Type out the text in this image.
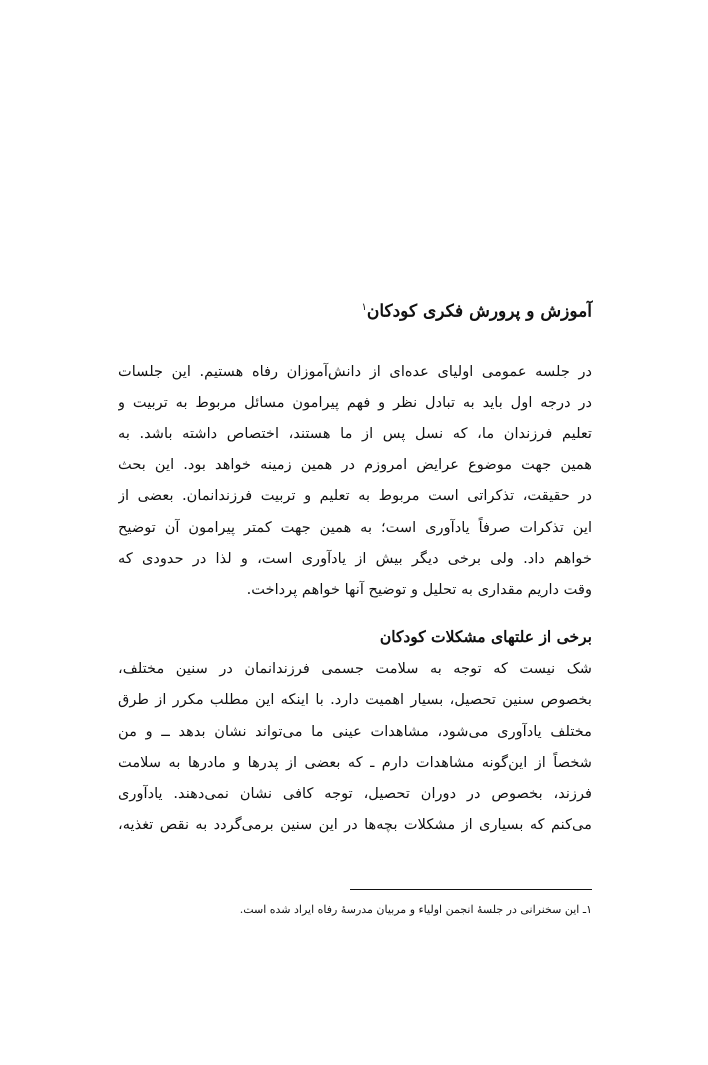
آموزش و پرورش فکری کودکان$^۱$

در جلسه عمومی اولیای عده‌ای از دانش‌آموزان رفاه هستیم. این جلسات
در درجه اول باید به تبادل نظر و فهم پیرامون مسائل مربوط به تربیت و
تعلیم فرزندان ما، که نسل پس از ما هستند، اختصاص داشته باشد. به
همین جهت موضوع عرایض امروزم در همین زمینه خواهد بود. این بحث
در حقیقت، تذکراتی است مربوط به تعلیم و تربیت فرزندانمان. بعضی از
این تذکرات صرفاً یادآوری است؛ به همین جهت کمتر پیرامون آن توضیح
خواهم داد. ولی برخی دیگر بیش از یادآوری است، و لذا در حدودی که
وقت داریم مقداری به تحلیل و توضیح آنها خواهم پرداخت.

برخی از علتهای مشکلات کودکان

شک نیست که توجه به سلامت جسمی فرزندانمان در سنین مختلف،
بخصوص سنین تحصیل، بسیار اهمیت دارد. با اینکه این مطلب مکرر از طرق
مختلف یادآوری می‌شود، مشاهدات عینی ما می‌تواند نشان بدهد ــ و من
شخصاً از این‌گونه مشاهدات دارم ـ که بعضی از پدرها و مادرها به سلامت
فرزند، بخصوص در دوران تحصیل، توجه کافی نشان نمی‌دهند. یادآوری
می‌کنم که بسیاری از مشکلات بچه‌ها در این سنین برمی‌گردد به نقص تغذیه،

۱ـ این سخنرانی در جلسهٔ انجمن اولیاء و مربیان مدرسهٔ رفاه ایراد شده است.
